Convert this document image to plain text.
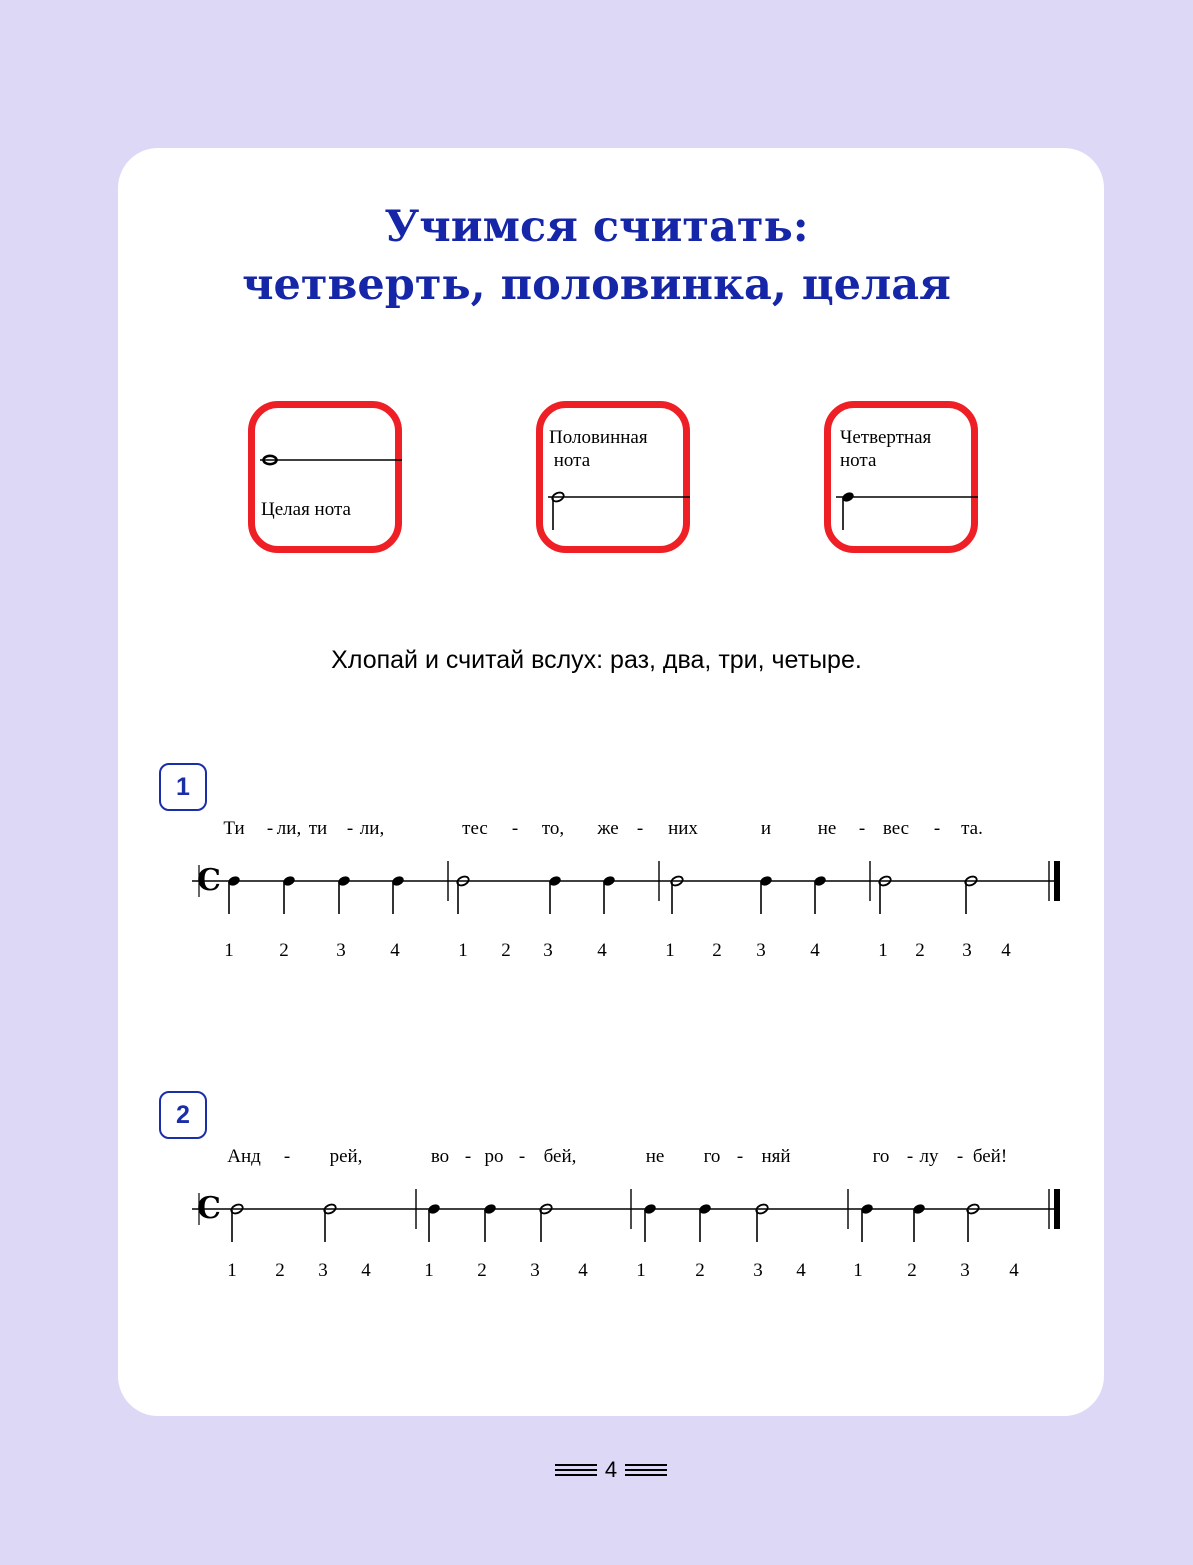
Учимся считать:
четверть, половинка, целая

Целая нота

Половинная
нота

Четвертная
нота

Хлопай и считай вслух: раз, два, три, четыре.
1
2
C
C
Ти - ли, ти - ли,	тес - то, же - них	и не - вес - та.
1 2	3 4	1 2 3 4	1 2 3 4	1 2 3 4
Анд - рей,	во - ро - бей,	не го - няй	го - лу - бей!
1 2 3 4	1 2 3 4	1	2	3 4	1 2 3 4
4
